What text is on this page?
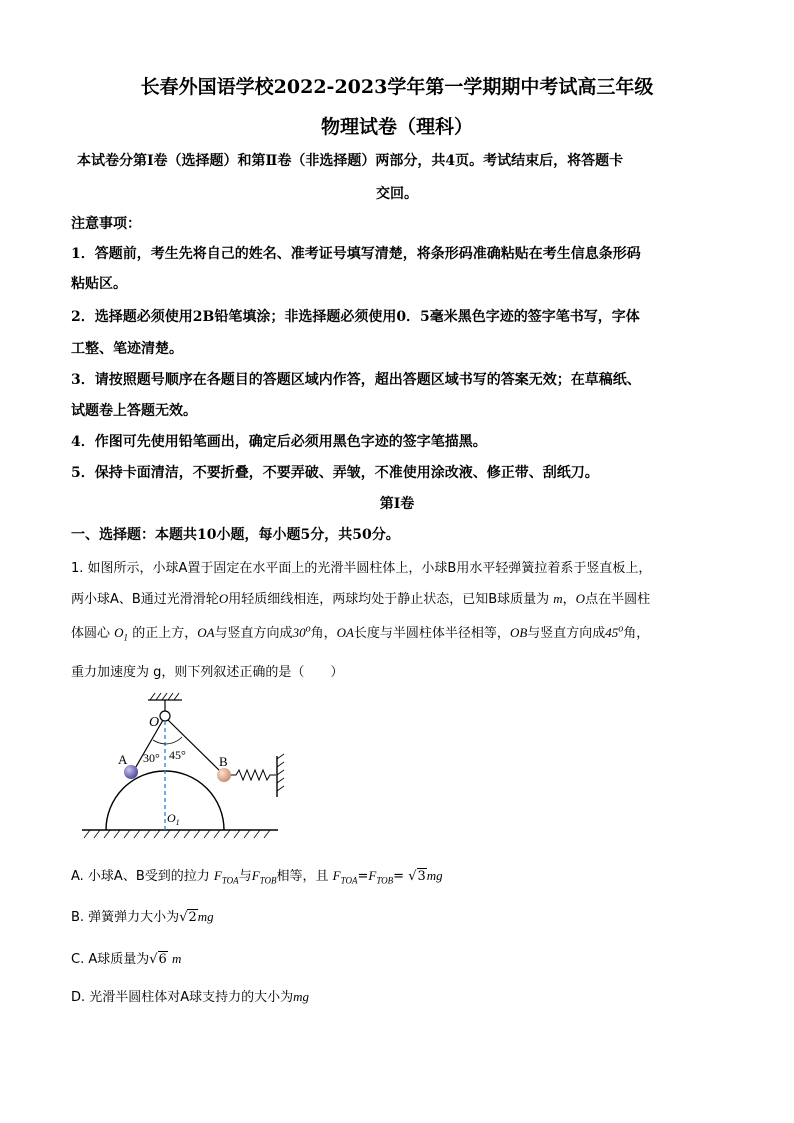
长春外国语学校2022-2023学年第一学期期中考试高三年级
物理试卷（理科）
本试卷分第Ⅰ卷（选择题）和第Ⅱ卷（非选择题）两部分，共4页。考试结束后，将答题卡
交回。
注意事项：
1．答题前，考生先将自己的姓名、准考证号填写清楚，将条形码准确粘贴在考生信息条形码
粘贴区。
2．选择题必须使用2B铅笔填涂；非选择题必须使用0．5毫米黑色字迹的签字笔书写，字体
工整、笔迹清楚。
3．请按照题号顺序在各题目的答题区域内作答，超出答题区域书写的答案无效；在草稿纸、
试题卷上答题无效。
4．作图可先使用铅笔画出，确定后必须用黑色字迹的签字笔描黑。
5．保持卡面清洁，不要折叠，不要弄破、弄皱，不准使用涂改液、修正带、刮纸刀。
第Ⅰ卷
一、选择题：本题共10小题，每小题5分，共50分。
1. 如图所示，小球A置于固定在水平面上的光滑半圆柱体上，小球B用水平轻弹簧拉着系于竖直板上，
两小球A、B通过光滑滑轮O用轻质细线相连，两球均处于静止状态，已知B球质量为 m，O点在半圆柱
体圆心 $O_1$ 的正上方，OA与竖直方向成30$^o$角，OA长度与半圆柱体半径相等，OB与竖直方向成45$^o$角，
重力加速度为 g，则下列叙述正确的是（　　）
O
A	B
30° 45°
$O_1$
A. 小球A、B受到的拉力 $F_{TOA}$与$F_{TOB}$相等，且 $F_{TOA}=F_{TOB}= √3mg$
B. 弹簧弹力大小为√2mg
C. A球质量为√6 m
D. 光滑半圆柱体对A球支持力的大小为mg
